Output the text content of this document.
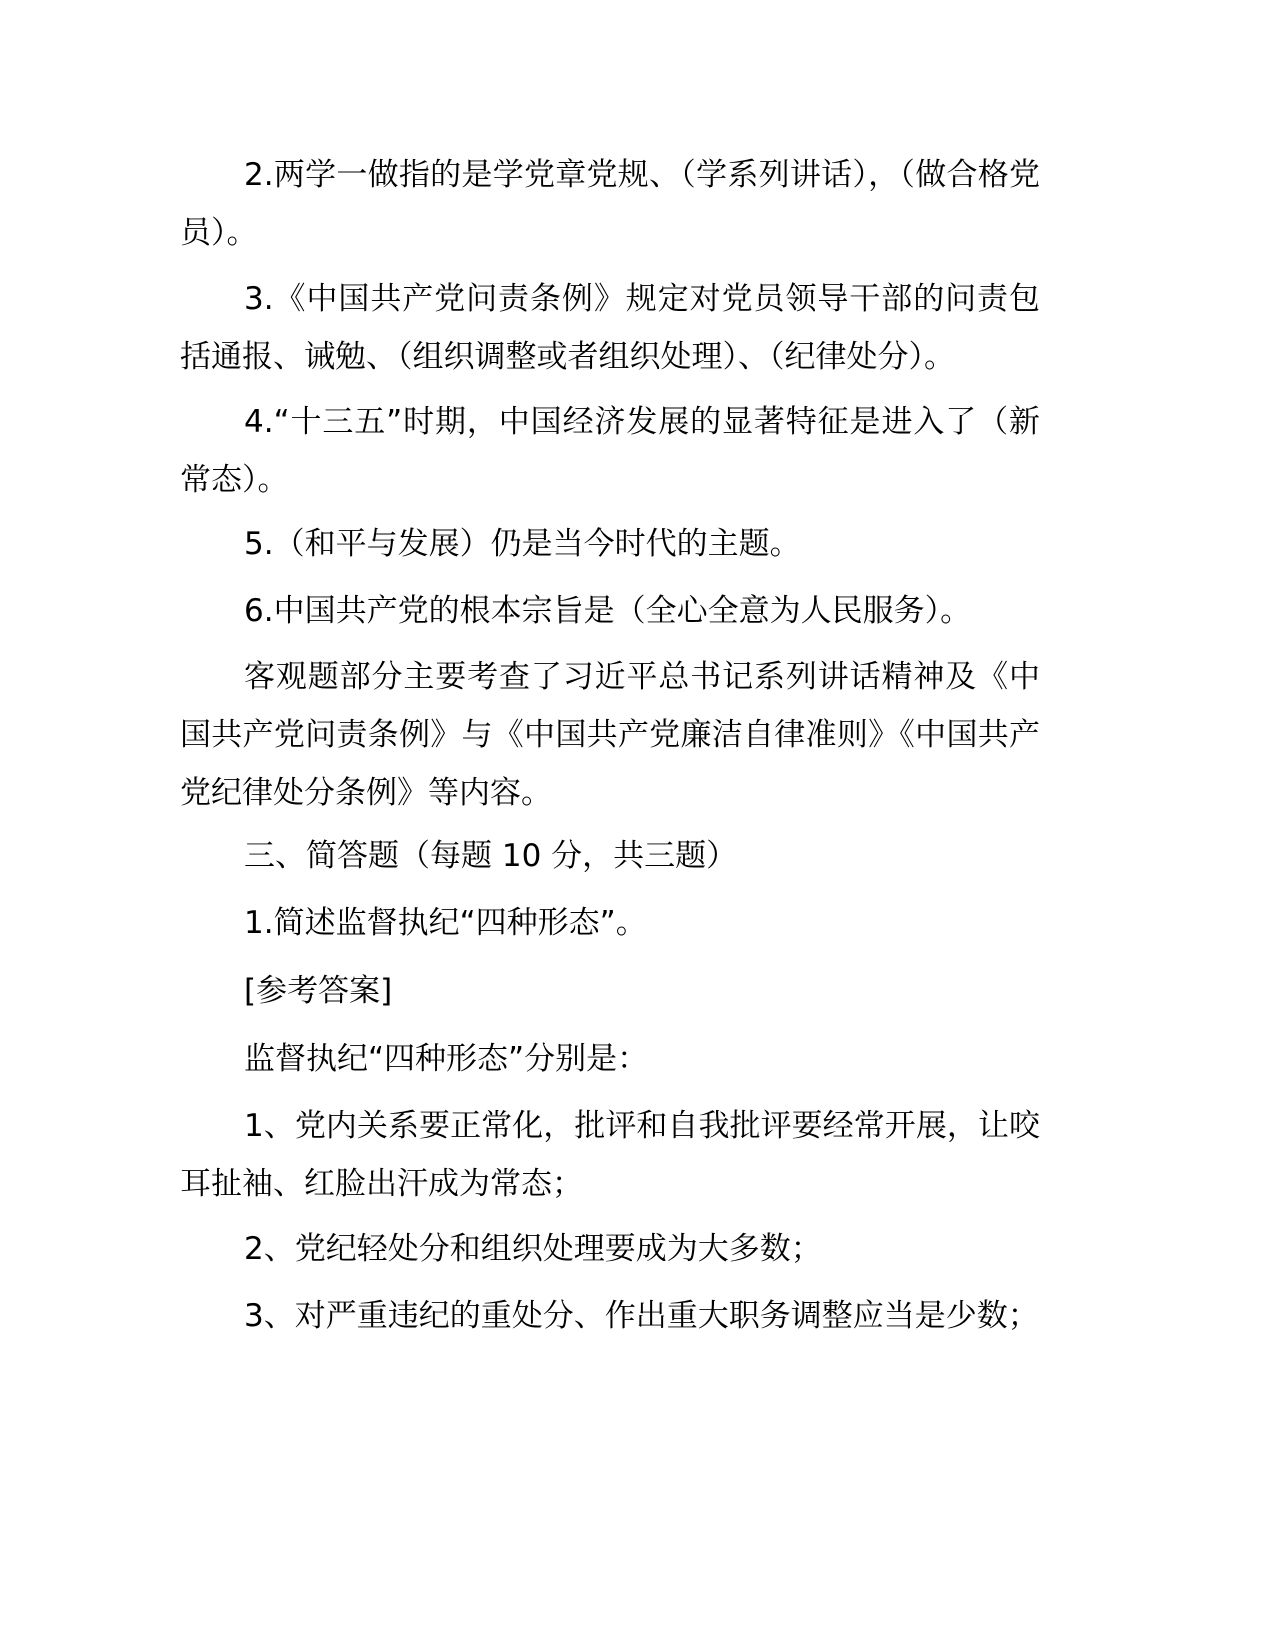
2.两学一做指的是学党章党规、（学系列讲话），（做合格党员）。

3.《中国共产党问责条例》规定对党员领导干部的问责包括通报、诫勉、（组织调整或者组织处理）、（纪律处分）。

4.“十三五”时期，中国经济发展的显著特征是进入了（新常态）。

5.（和平与发展）仍是当今时代的主题。

6.中国共产党的根本宗旨是（全心全意为人民服务）。

客观题部分主要考查了习近平总书记系列讲话精神及《中国共产党问责条例》与《中国共产党廉洁自律准则》《中国共产党纪律处分条例》等内容。

三、简答题（每题 10 分，共三题）

1.简述监督执纪“四种形态”。

[参考答案]

监督执纪“四种形态”分别是：

1、党内关系要正常化，批评和自我批评要经常开展，让咬耳扯袖、红脸出汗成为常态；

2、党纪轻处分和组织处理要成为大多数；

3、对严重违纪的重处分、作出重大职务调整应当是少数；
